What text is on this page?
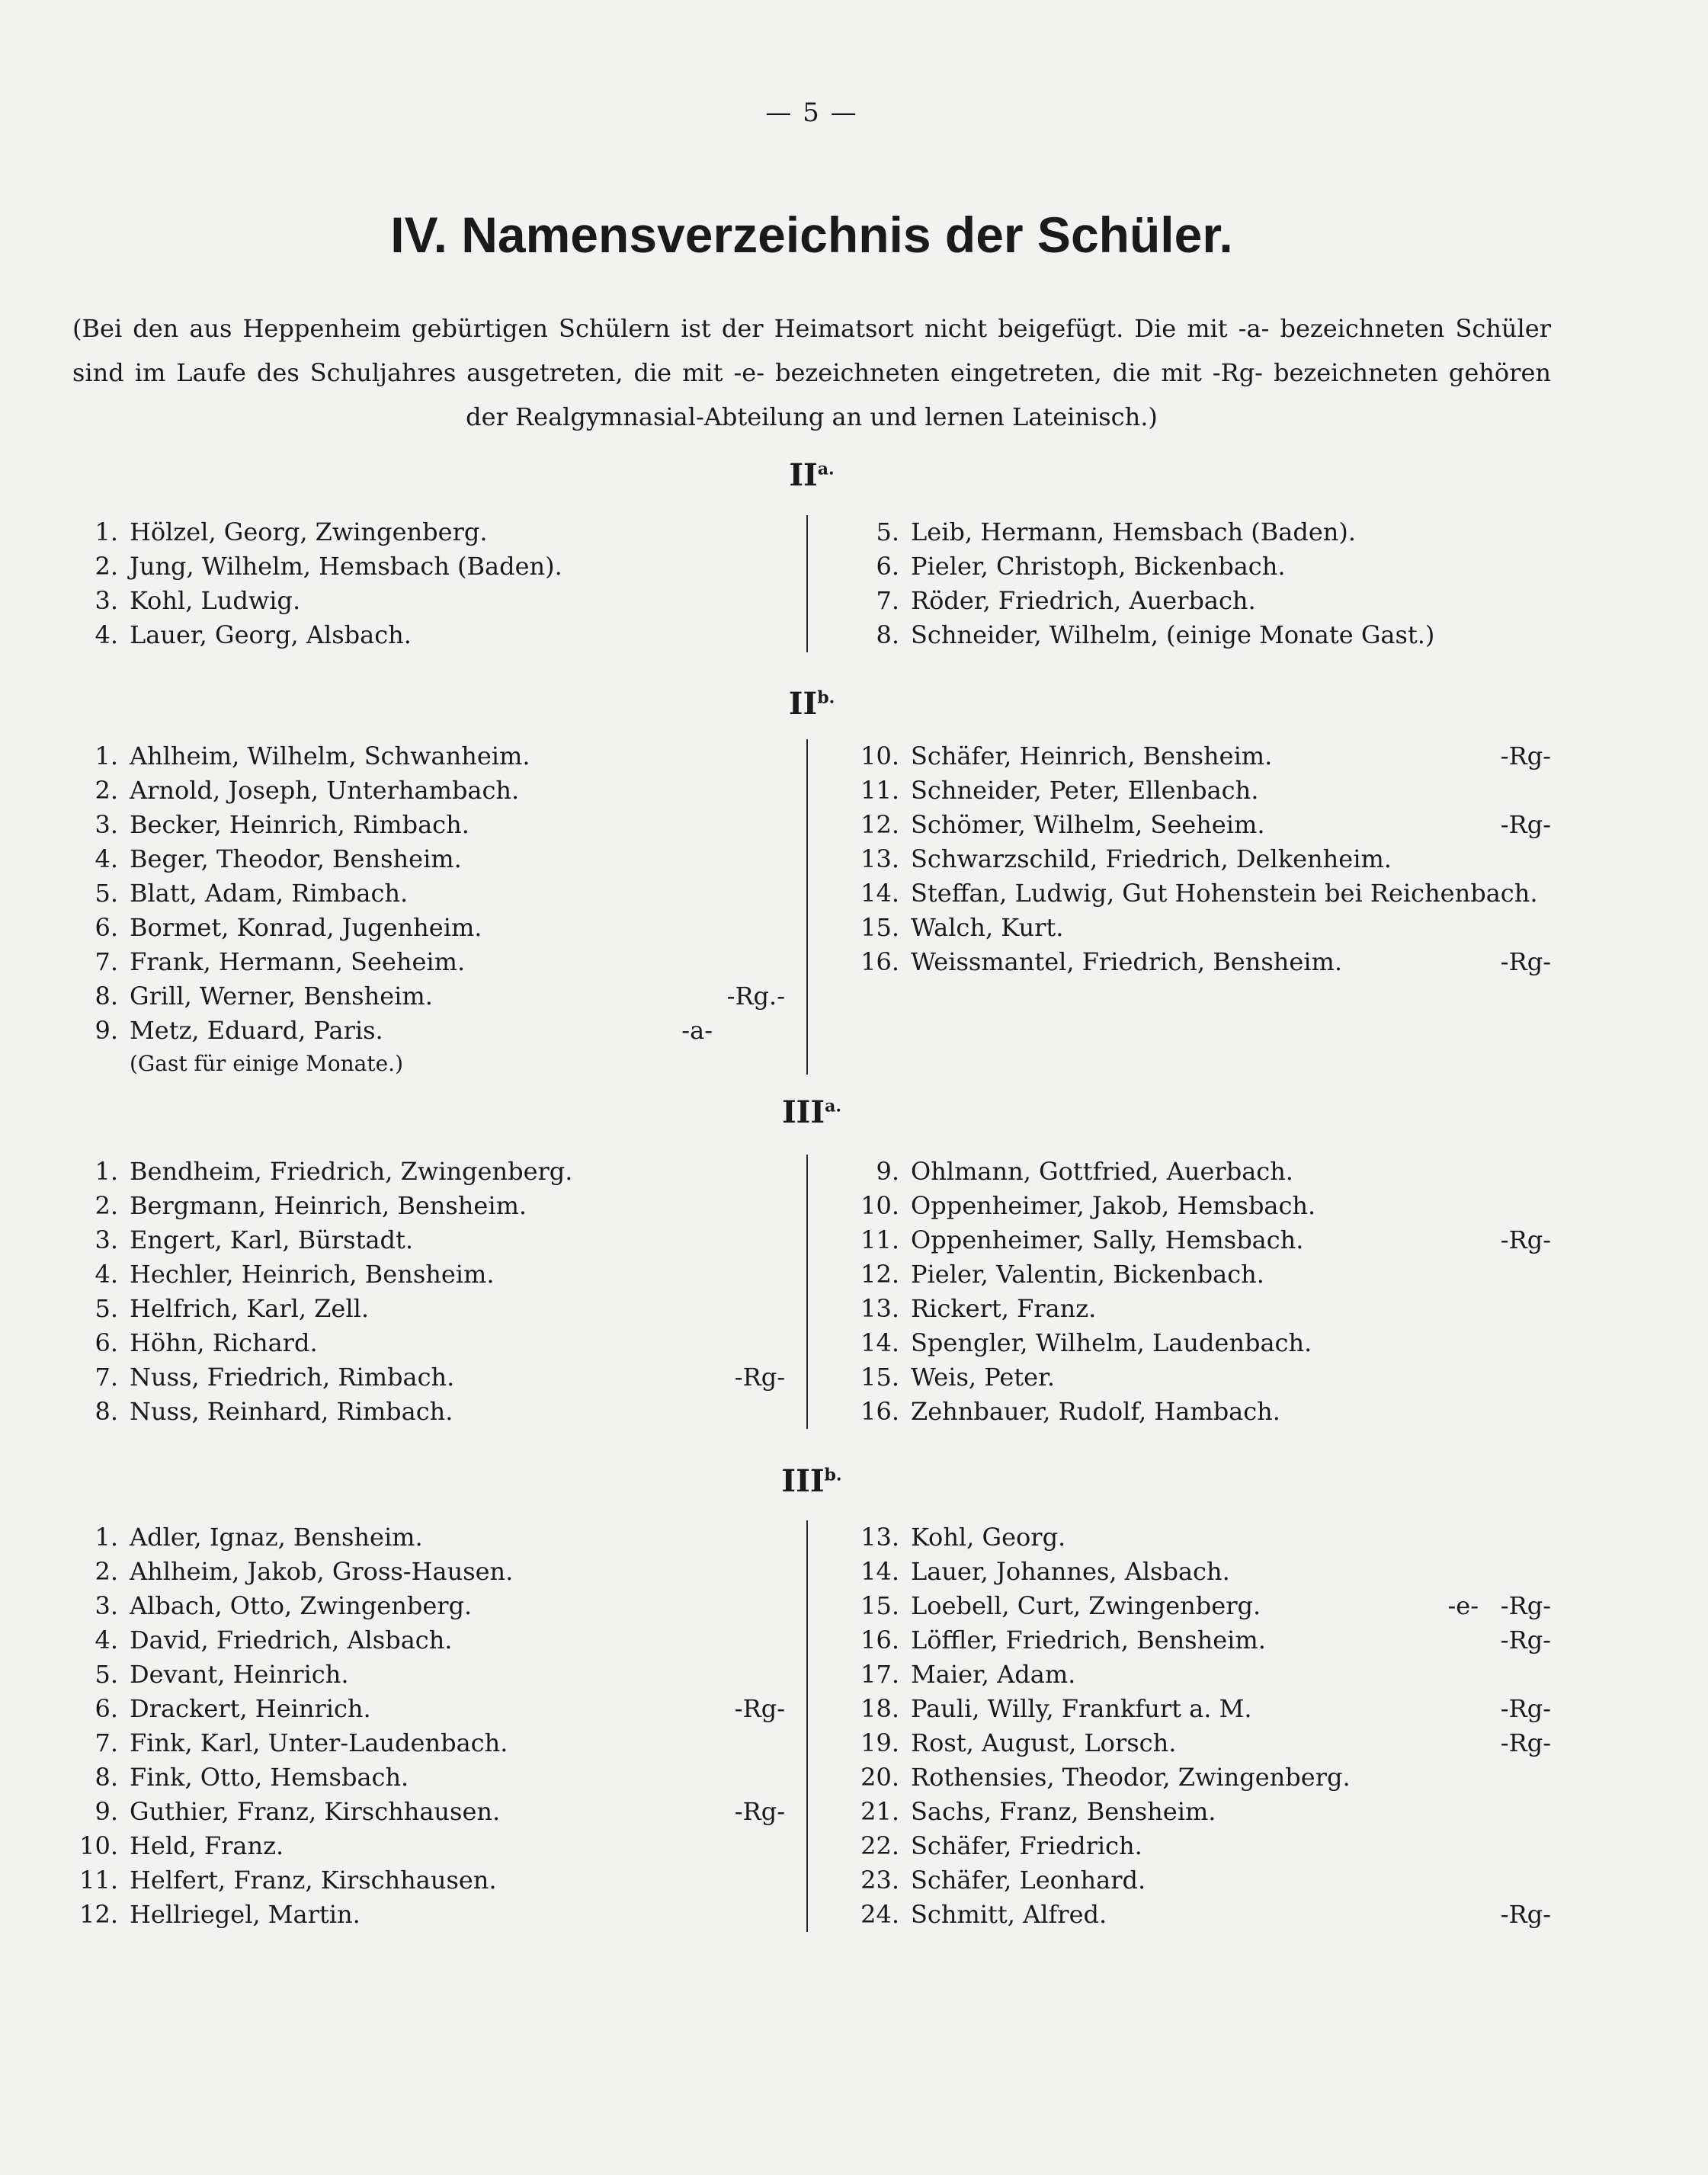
— 5 —
IV. Namensverzeichnis der Schüler.

(Bei den aus Heppenheim gebürtigen Schülern ist der Heimatsort nicht beigefügt. Die mit -a- bezeichneten Schüler sind im Laufe des Schuljahres ausgetreten, die mit -e- bezeichneten eingetreten, die mit -Rg- bezeichneten gehören der Realgymnasial-Abteilung an und lernen Lateinisch.)

$II^{a.}$
1. Hölzel, Georg, Zwingenberg.
2. Jung, Wilhelm, Hemsbach (Baden).
3. Kohl, Ludwig.
4. Lauer, Georg, Alsbach.
5. Leib, Hermann, Hemsbach (Baden).
6. Pieler, Christoph, Bickenbach.
7. Röder, Friedrich, Auerbach.
8. Schneider, Wilhelm, (einige Monate Gast.)
$II^{b.}$
1. Ahlheim, Wilhelm, Schwanheim.
2. Arnold, Joseph, Unterhambach.
3. Becker, Heinrich, Rimbach.
4. Beger, Theodor, Bensheim.
5. Blatt, Adam, Rimbach.
6. Bormet, Konrad, Jugenheim.
7. Frank, Hermann, Seeheim.
8. Grill, Werner, Bensheim.	-Rg.-
9. Metz, Eduard, Paris.	-a-
(Gast für einige Monate.)
10. Schäfer, Heinrich, Bensheim.	-Rg-
11. Schneider, Peter, Ellenbach.
12. Schömer, Wilhelm, Seeheim.	-Rg-
13. Schwarzschild, Friedrich, Delkenheim.
14. Steffan, Ludwig, Gut Hohenstein bei Reichenbach.
15. Walch, Kurt.
16. Weissmantel, Friedrich, Bensheim.	-Rg-
$III^{a.}$
1. Bendheim, Friedrich, Zwingenberg.
2. Bergmann, Heinrich, Bensheim.
3. Engert, Karl, Bürstadt.
4. Hechler, Heinrich, Bensheim.
5. Helfrich, Karl, Zell.
6. Höhn, Richard.
7. Nuss, Friedrich, Rimbach.	-Rg-
8. Nuss, Reinhard, Rimbach.
9. Ohlmann, Gottfried, Auerbach.
10. Oppenheimer, Jakob, Hemsbach.
11. Oppenheimer, Sally, Hemsbach.	-Rg-
12. Pieler, Valentin, Bickenbach.
13. Rickert, Franz.
14. Spengler, Wilhelm, Laudenbach.
15. Weis, Peter.
16. Zehnbauer, Rudolf, Hambach.
$III^{b.}$
1. Adler, Ignaz, Bensheim.
2. Ahlheim, Jakob, Gross-Hausen.
3. Albach, Otto, Zwingenberg.
4. David, Friedrich, Alsbach.
5. Devant, Heinrich.
6. Drackert, Heinrich.	-Rg-
7. Fink, Karl, Unter-Laudenbach.
8. Fink, Otto, Hemsbach.
9. Guthier, Franz, Kirschhausen.	-Rg-
10. Held, Franz.
11. Helfert, Franz, Kirschhausen.
12. Hellriegel, Martin.
13. Kohl, Georg.
14. Lauer, Johannes, Alsbach.
15. Loebell, Curt, Zwingenberg.	-e- -Rg-
16. Löffler, Friedrich, Bensheim.	-Rg-
17. Maier, Adam.
18. Pauli, Willy, Frankfurt a. M.	-Rg-
19. Rost, August, Lorsch.	-Rg-
20. Rothensies, Theodor, Zwingenberg.
21. Sachs, Franz, Bensheim.
22. Schäfer, Friedrich.
23. Schäfer, Leonhard.
24. Schmitt, Alfred.	-Rg-
